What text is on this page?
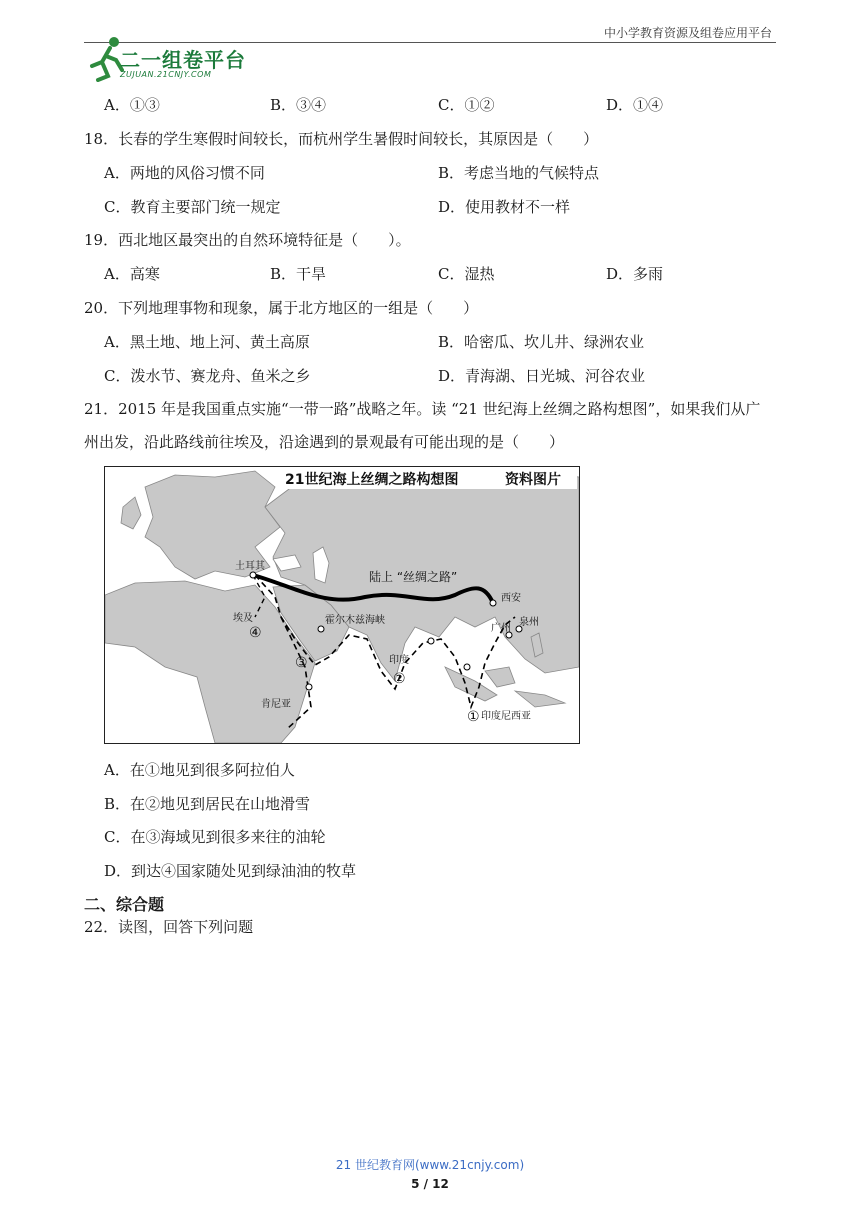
中小学教育资源及组卷应用平台
二一组卷平台
ZUJUAN.21CNJY.COM
A．①③	B．③④	C．①②	D．①④
18．长春的学生寒假时间较长，而杭州学生暑假时间较长，其原因是（　　）
A．两地的风俗习惯不同	B．考虑当地的气候特点
C．教育主要部门统一规定	D．使用教材不一样
19．西北地区最突出的自然环境特征是（　　）。
A．高寒	B．干旱	C．湿热	D．多雨
20．下列地理事物和现象，属于北方地区的一组是（　　）
A．黑土地、地上河、黄土高原	B．哈密瓜、坎儿井、绿洲农业
C．泼水节、赛龙舟、鱼米之乡	D．青海湖、日光城、河谷农业
21．2015 年是我国重点实施“一带一路”战略之年。读 “21 世纪海上丝绸之路构想图”，如果我们从广
州出发，沿此路线前往埃及，沿途遇到的景观最有可能出现的是（　　）
21世纪海上丝绸之路构想图	资料图片
陆上 “丝绸之路”
土耳其
西安
埃及	霍尔木兹海峡
广州
泉州
印度
肯尼亚
印度尼西亚
④
③
②
①
A．在①地见到很多阿拉伯人
B．在②地见到居民在山地滑雪
C．在③海域见到很多来往的油轮
D．到达④国家随处见到绿油油的牧草
二、综合题
22．读图，回答下列问题
21 世纪教育网(www.21cnjy.com)
5 / 12
